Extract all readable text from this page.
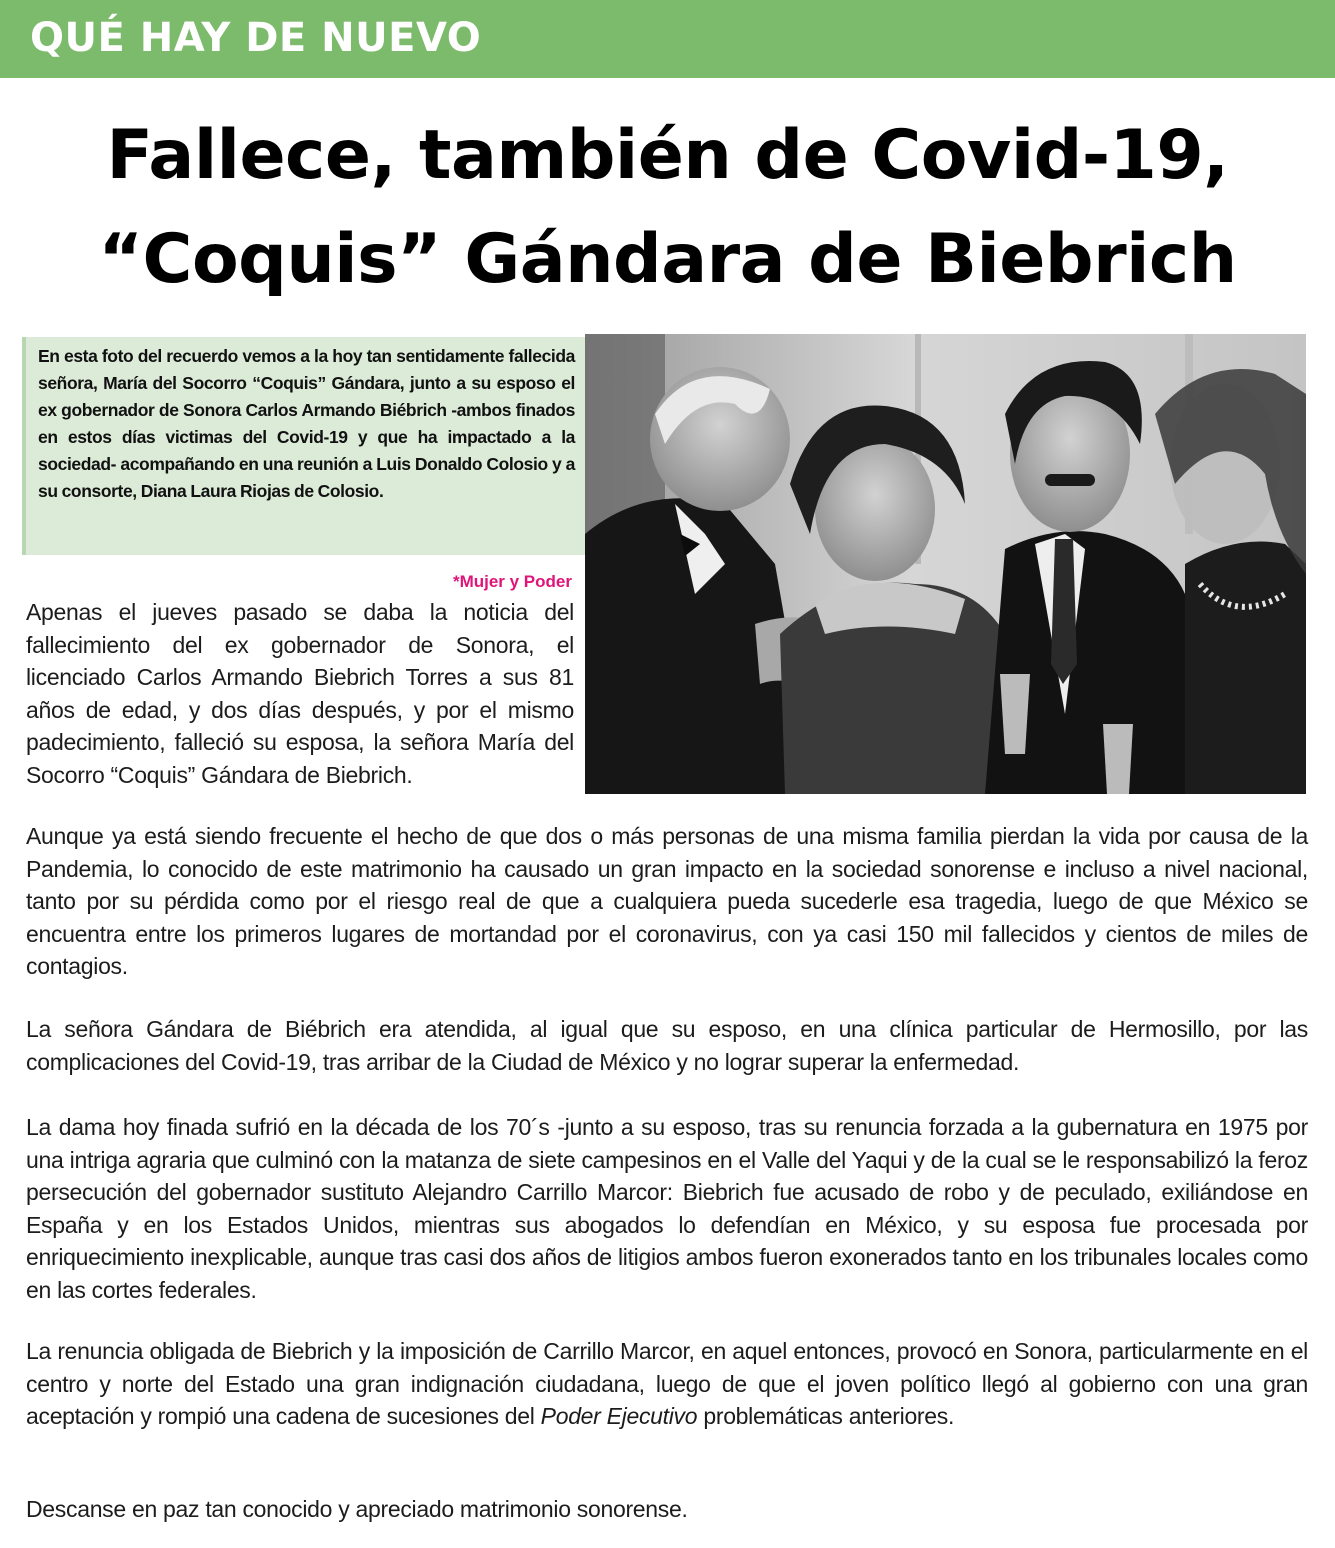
QUÉ HAY DE NUEVO
Fallece, también de Covid-19,
“Coquis” Gándara de Biebrich

En esta foto del recuerdo vemos a la hoy tan sentidamente fallecida señora, María del Socorro “Coquis” Gándara, junto a su esposo el ex gobernador de Sonora Carlos Armando Biébrich -ambos finados en estos días victimas del Covid-19 y que ha impactado a la sociedad- acompañando en una reunión a Luis Donaldo Colosio y a su consorte, Diana Laura Riojas de Colosio.

*Mujer y Poder

Apenas el jueves pasado se daba la noticia del fallecimiento del ex gobernador de Sonora, el licenciado Carlos Armando Biebrich Torres a sus 81 años de edad, y dos días después, y por el mismo padecimiento, falleció su esposa, la señora María del Socorro “Coquis” Gándara de Biebrich.

Aunque ya está siendo frecuente el hecho de que dos o más personas de una misma familia pierdan la vida por causa de la Pandemia, lo conocido de este matrimonio ha causado un gran impacto en la sociedad sonorense e incluso a nivel nacional, tanto por su pérdida como por el riesgo real de que a cualquiera pueda sucederle esa tragedia, luego de que México se encuentra entre los primeros lugares de mortandad por el coronavirus, con ya casi 150 mil fallecidos y cientos de miles de contagios.

La señora Gándara de Biébrich era atendida, al igual que su esposo, en una clínica particular de Hermosillo, por las complicaciones del Covid-19, tras arribar de la Ciudad de México y no lograr superar la enfermedad.

La dama hoy finada sufrió en la década de los 70´s -junto a su esposo, tras su renuncia forzada a la gubernatura en 1975 por una intriga agraria que culminó con la matanza de siete campesinos en el Valle del Yaqui y de la cual se le responsabilizó la feroz persecución del gobernador sustituto Alejandro Carrillo Marcor: Biebrich fue acusado de robo y de peculado, exiliándose en España y en los Estados Unidos, mientras sus abogados lo defendían en México, y su esposa fue procesada por enriquecimiento inexplicable, aunque tras casi dos años de litigios ambos fueron exonerados tanto en los tribunales locales como en las cortes federales.

La renuncia obligada de Biebrich y la imposición de Carrillo Marcor, en aquel entonces, provocó en Sonora, particularmente en el centro y norte del Estado una gran indignación ciudadana, luego de que el joven político llegó al gobierno con una gran aceptación y rompió una cadena de sucesiones del Poder Ejecutivo problemáticas anteriores.

Descanse en paz tan conocido y apreciado matrimonio sonorense.
